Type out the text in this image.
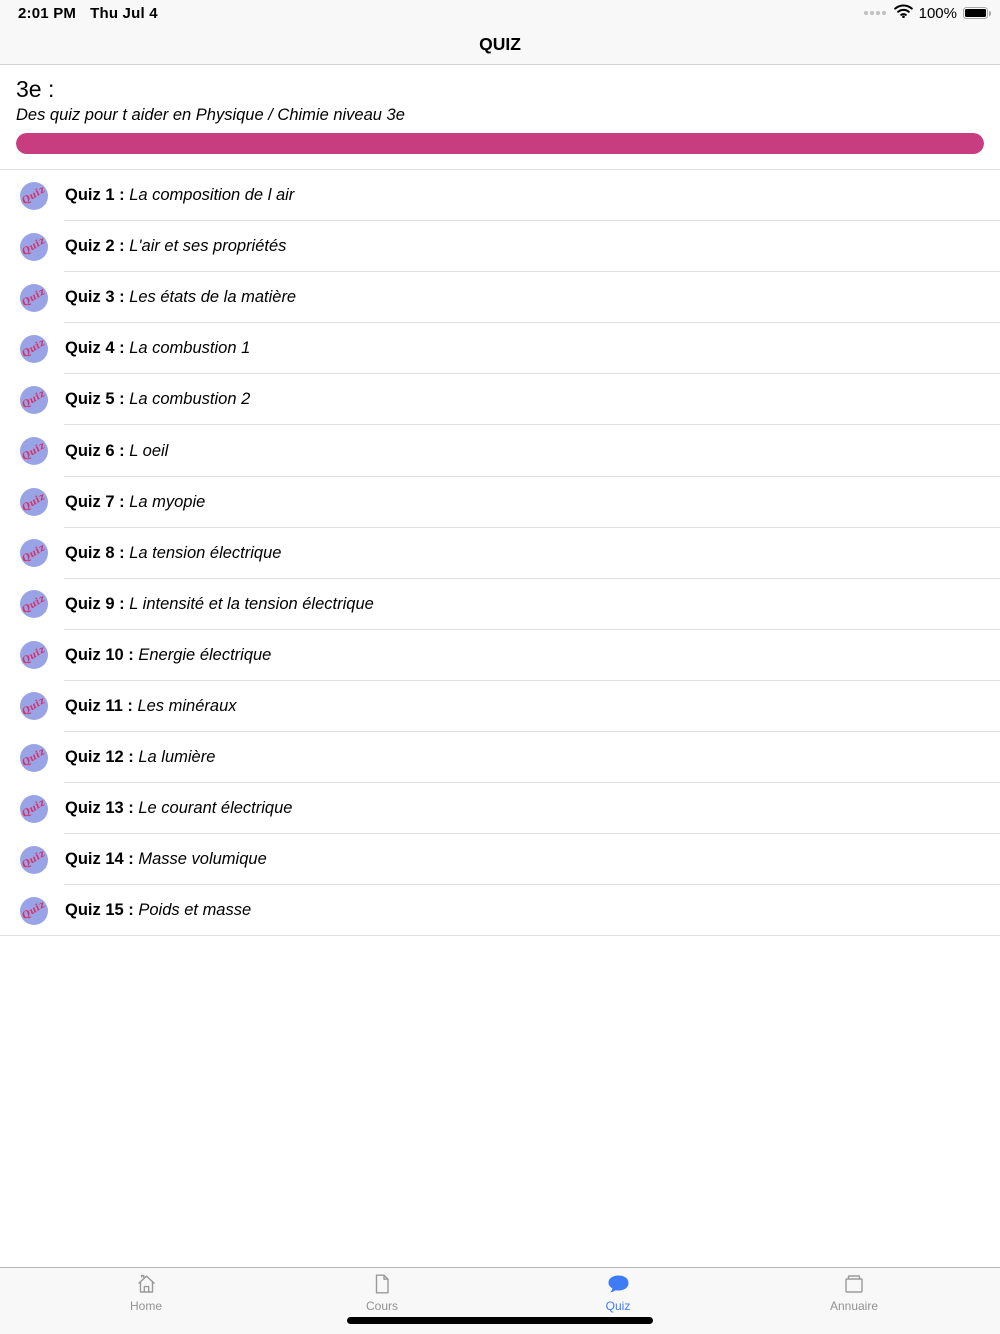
2:01 PM Thu Jul 4	100%
QUIZ
3e :
Des quiz pour t aider en Physique / Chimie niveau 3e
Quiz Quiz 1 : La composition de l air
Quiz Quiz 2 : L'air et ses propriétés
Quiz Quiz 3 : Les états de la matière
Quiz Quiz 4 : La combustion 1
Quiz Quiz 5 : La combustion 2
Quiz Quiz 6 : L oeil
Quiz Quiz 7 : La myopie
Quiz Quiz 8 : La tension électrique
Quiz Quiz 9 : L intensité et la tension électrique
Quiz Quiz 10 : Energie électrique
Quiz Quiz 11 : Les minéraux
Quiz Quiz 12 : La lumière
Quiz Quiz 13 : Le courant électrique
Quiz Quiz 14 : Masse volumique
Quiz Quiz 15 : Poids et masse
Home	Cours	Quiz	Annuaire
